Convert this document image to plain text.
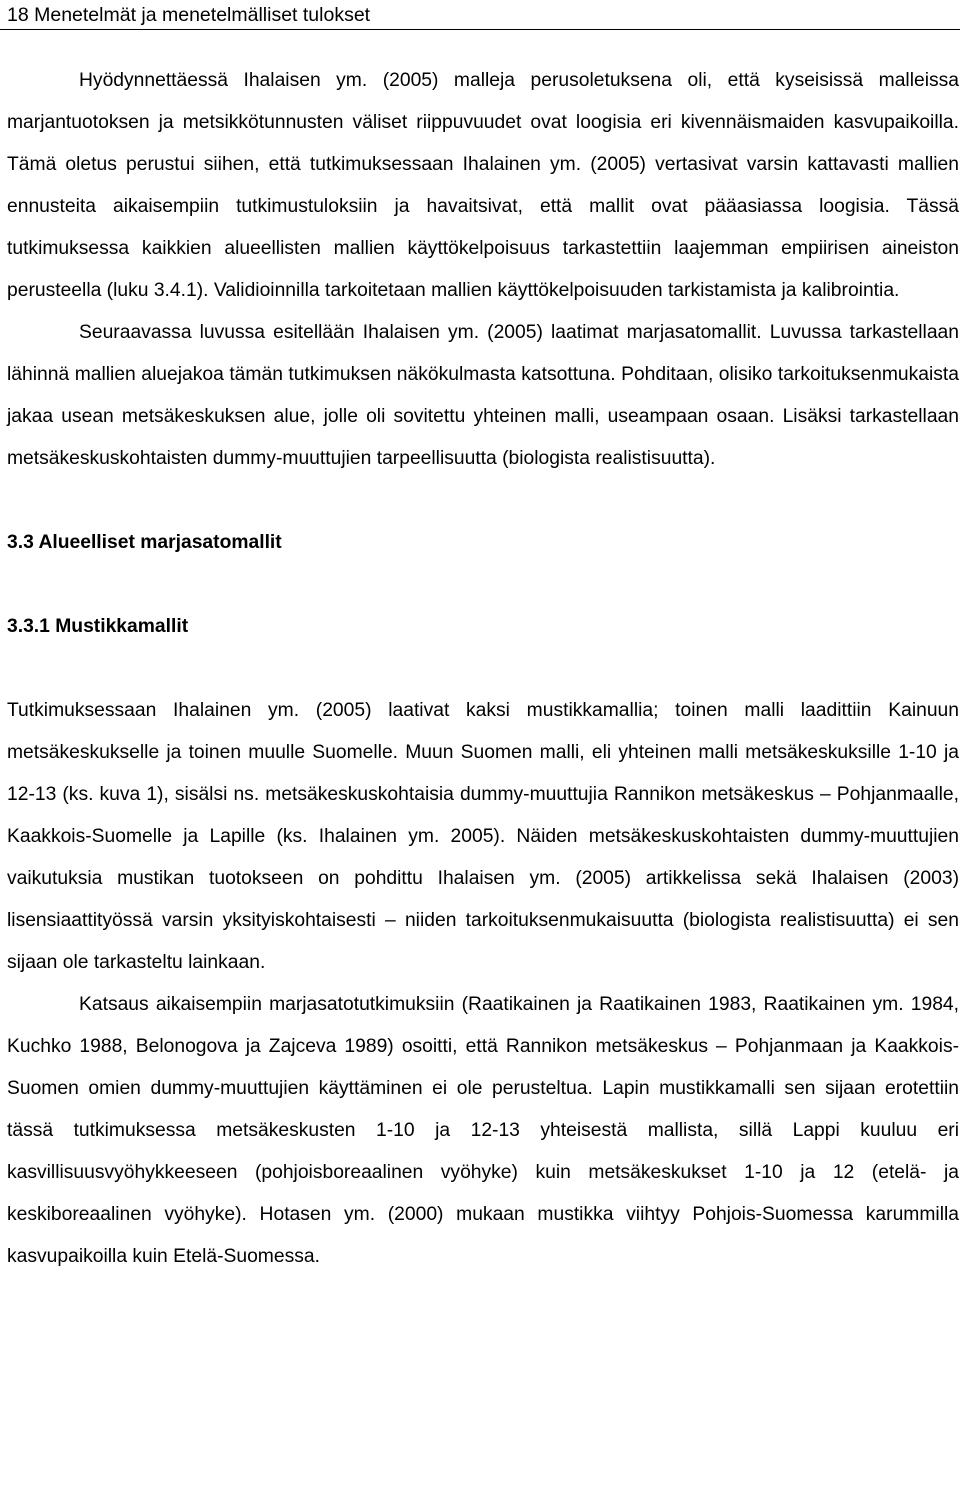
18 Menetelmät ja menetelmälliset tulokset

Hyödynnettäessä Ihalaisen ym. (2005) malleja perusoletuksena oli, että kyseisissä malleissa marjantuotoksen ja metsikkötunnusten väliset riippuvuudet ovat loogisia eri kivennäismaiden kasvupaikoilla. Tämä oletus perustui siihen, että tutkimuksessaan Ihalainen ym. (2005) vertasivat varsin kattavasti mallien ennusteita aikaisempiin tutkimustuloksiin ja havaitsivat, että mallit ovat pääasiassa loogisia. Tässä tutkimuksessa kaikkien alueellisten mallien käyttökelpoisuus tarkastettiin laajemman empiirisen aineiston perusteella (luku 3.4.1). Validioinnilla tarkoitetaan mallien käyttökelpoisuuden tarkistamista ja kalibrointia.

Seuraavassa luvussa esitellään Ihalaisen ym. (2005) laatimat marjasatomallit. Luvussa tarkastellaan lähinnä mallien aluejakoa tämän tutkimuksen näkökulmasta katsottuna. Pohditaan, olisiko tarkoituksenmukaista jakaa usean metsäkeskuksen alue, jolle oli sovitettu yhteinen malli, useampaan osaan. Lisäksi tarkastellaan metsäkeskuskohtaisten dummy-muuttujien tarpeellisuutta (biologista realistisuutta).

3.3 Alueelliset marjasatomallit
3.3.1 Mustikkamallit

Tutkimuksessaan Ihalainen ym. (2005) laativat kaksi mustikkamallia; toinen malli laadittiin Kainuun metsäkeskukselle ja toinen muulle Suomelle. Muun Suomen malli, eli yhteinen malli metsäkeskuksille 1-10 ja 12-13 (ks. kuva 1), sisälsi ns. metsäkeskuskohtaisia dummy-muuttujia Rannikon metsäkeskus – Pohjanmaalle, Kaakkois-Suomelle ja Lapille (ks. Ihalainen ym. 2005). Näiden metsäkeskuskohtaisten dummy-muuttujien vaikutuksia mustikan tuotokseen on pohdittu Ihalaisen ym. (2005) artikkelissa sekä Ihalaisen (2003) lisensiaattityössä varsin yksityiskohtaisesti – niiden tarkoituksenmukaisuutta (biologista realistisuutta) ei sen sijaan ole tarkasteltu lainkaan.

Katsaus aikaisempiin marjasatotutkimuksiin (Raatikainen ja Raatikainen 1983, Raatikainen ym. 1984, Kuchko 1988, Belonogova ja Zajceva 1989) osoitti, että Rannikon metsäkeskus – Pohjanmaan ja Kaakkois-Suomen omien dummy-muuttujien käyttäminen ei ole perusteltua. Lapin mustikkamalli sen sijaan erotettiin tässä tutkimuksessa metsäkeskusten 1-10 ja 12-13 yhteisestä mallista, sillä Lappi kuuluu eri kasvillisuusvyöhykkeeseen (pohjoisboreaalinen vyöhyke) kuin metsäkeskukset 1-10 ja 12 (etelä- ja keskiboreaalinen vyöhyke). Hotasen ym. (2000) mukaan mustikka viihtyy Pohjois-Suomessa karummilla kasvupaikoilla kuin Etelä-Suomessa.
